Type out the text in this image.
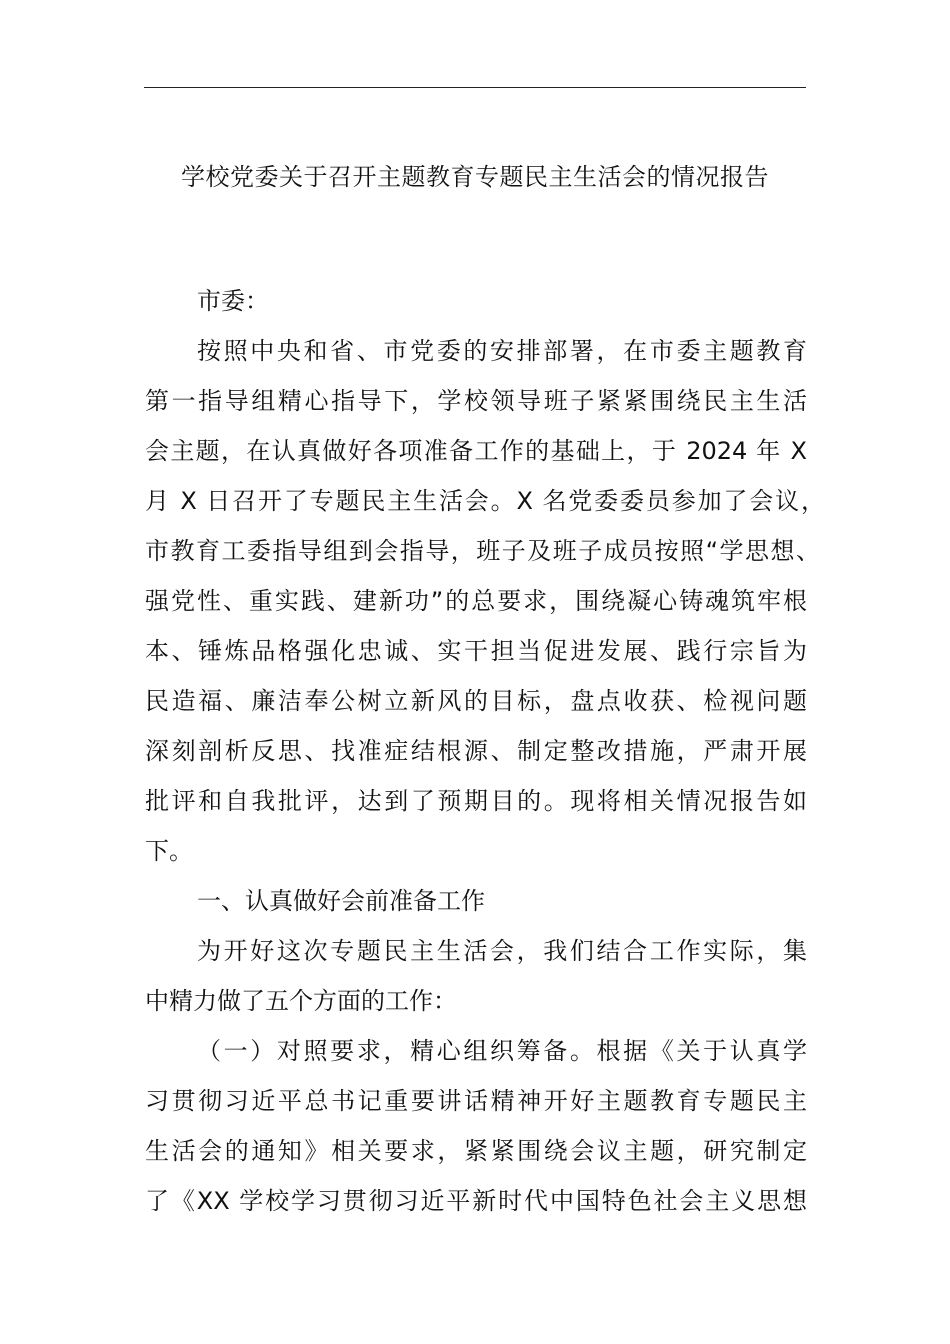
学校党委关于召开主题教育专题民主生活会的情况报告
市委：
按照中央和省、市党委的安排部署，在市委主题教育
第一指导组精心指导下，学校领导班子紧紧围绕民主生活
会主题，在认真做好各项准备工作的基础上，于 2024 年 X
月 X 日召开了专题民主生活会。X 名党委委员参加了会议，
市教育工委指导组到会指导，班子及班子成员按照“学思想、
强党性、重实践、建新功”的总要求，围绕凝心铸魂筑牢根
本、锤炼品格强化忠诚、实干担当促进发展、践行宗旨为
民造福、廉洁奉公树立新风的目标，盘点收获、检视问题
深刻剖析反思、找准症结根源、制定整改措施，严肃开展
批评和自我批评，达到了预期目的。现将相关情况报告如
下。
一、认真做好会前准备工作
为开好这次专题民主生活会，我们结合工作实际，集
中精力做了五个方面的工作：
（一）对照要求，精心组织筹备。根据《关于认真学
习贯彻习近平总书记重要讲话精神开好主题教育专题民主
生活会的通知》相关要求，紧紧围绕会议主题，研究制定
了《XX 学校学习贯彻习近平新时代中国特色社会主义思想
